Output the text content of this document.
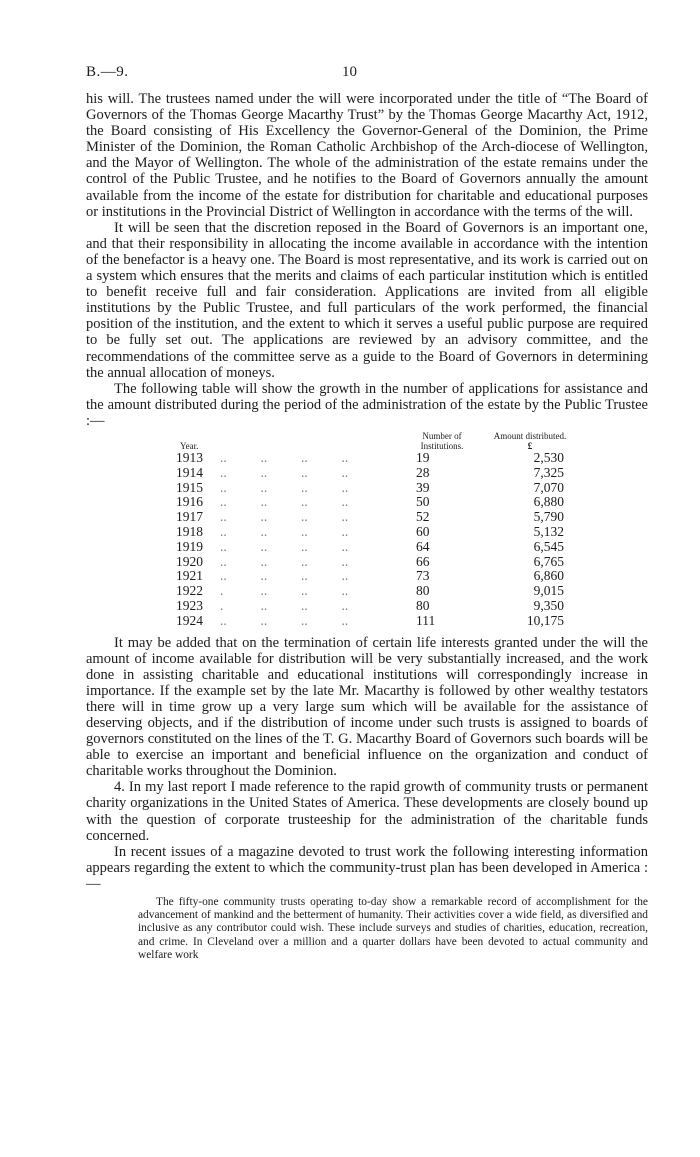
B.—9.	10

his will. The trustees named under the will were incorporated under the title of “The Board of Governors of the Thomas George Macarthy Trust” by the Thomas George Macarthy Act, 1912, the Board consisting of His Excellency the Governor-General of the Dominion, the Prime Minister of the Dominion, the Roman Catholic Archbishop of the Arch-diocese of Wellington, and the Mayor of Wellington. The whole of the administration of the estate remains under the control of the Public Trustee, and he notifies to the Board of Governors annually the amount available from the income of the estate for distribution for charitable and educational purposes or institutions in the Provincial District of Wellington in accordance with the terms of the will.

It will be seen that the discretion reposed in the Board of Governors is an important one, and that their responsibility in allocating the income available in accordance with the intention of the benefactor is a heavy one. The Board is most representative, and its work is carried out on a system which ensures that the merits and claims of each particular institution which is entitled to benefit receive full and fair consideration. Applications are invited from all eligible institutions by the Public Trustee, and full particulars of the work performed, the financial position of the institution, and the extent to which it serves a useful public purpose are required to be fully set out. The applications are reviewed by an advisory committee, and the recommendations of the committee serve as a guide to the Board of Governors in determining the annual allocation of moneys.

The following table will show the growth in the number of applications for assistance and the amount distributed during the period of the administration of the estate by the Public Trustee :—

Year.	Number of Institutions.	Amount distributed.
£

1913 ..          ..          ..          ..	19	2,530
1914 ..          ..          ..          ..	28	7,325
1915 ..          ..          ..          ..	39	7,070
1916 ..          ..          ..          ..	50	6,880
1917 ..          ..          ..          ..	52	5,790
1918 ..          ..          ..          ..	60	5,132
1919 ..          ..          ..          ..	64	6,545
1920 ..          ..          ..          ..	66	6,765
1921 ..          ..          ..          ..	73	6,860
1922 .           ..          ..          ..	80	9,015
1923 .           ..          ..          ..	80	9,350
1924 ..          ..          ..          ..	111	10,175

It may be added that on the termination of certain life interests granted under the will the amount of income available for distribution will be very substantially increased, and the work done in assisting charitable and educational institutions will correspondingly increase in importance. If the example set by the late Mr. Macarthy is followed by other wealthy testators there will in time grow up a very large sum which will be available for the assistance of deserving objects, and if the distribution of income under such trusts is assigned to boards of governors constituted on the lines of the T. G. Macarthy Board of Governors such boards will be able to exercise an important and beneficial influence on the organization and conduct of charitable works throughout the Dominion.

4. In my last report I made reference to the rapid growth of community trusts or permanent charity organizations in the United States of America. These developments are closely bound up with the question of corporate trusteeship for the administration of the charitable funds concerned.

In recent issues of a magazine devoted to trust work the following interesting information appears regarding the extent to which the community-trust plan has been developed in America :—

The fifty-one community trusts operating to-day show a remarkable record of accomplishment for the advancement of mankind and the betterment of humanity. Their activities cover a wide field, as diversified and inclusive as any contributor could wish. These include surveys and studies of charities, education, recreation, and crime. In Cleveland over a million and a quarter dollars have been devoted to actual community and welfare work
